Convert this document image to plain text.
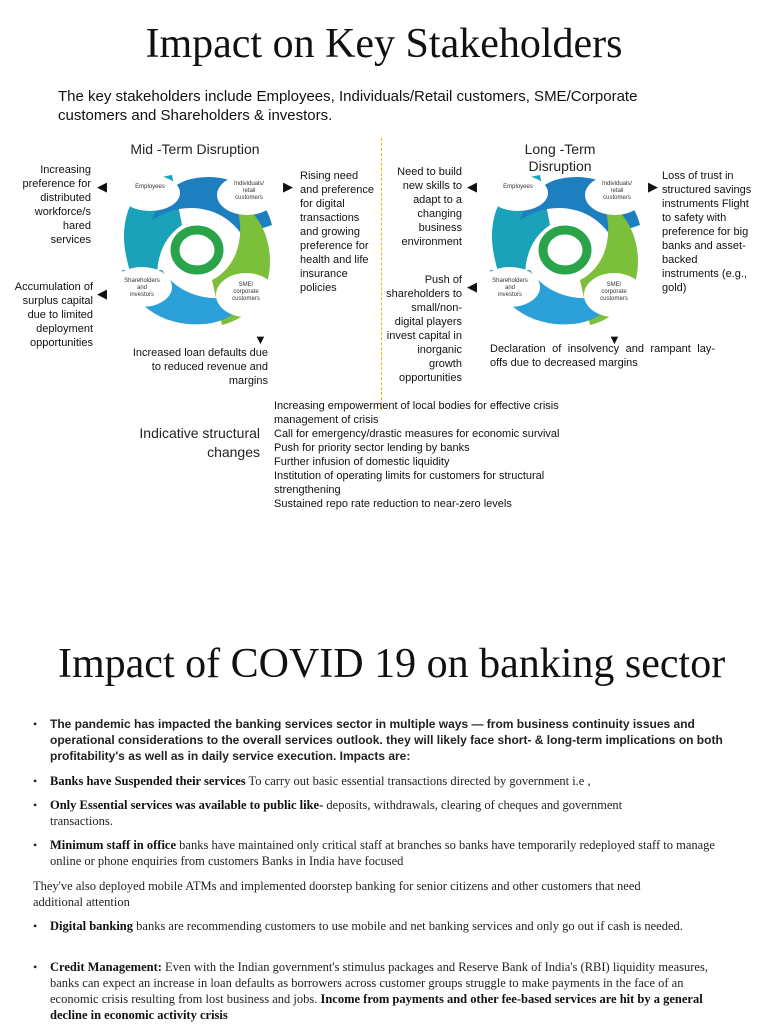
Impact on Key Stakeholders
The key stakeholders include Employees, Individuals/Retail customers, SME/Corporate customers and Shareholders & investors.
Mid -Term Disruption
Increasing preference for distributed workforce/s hared services
◀
Accumulation of surplus capital due to limited deployment opportunities
◀
▶
Rising need and preference for digital transactions and growing preference for health and life insurance policies
▼
Increased loan defaults due to reduced revenue and margins
Employees	Individuals/
retail
customers
Shareholders
and
investors
SME/
corporate
customers
Long -Term Disruption
Need to build new skills to adapt to a changing business environment
◀
Push of shareholders to small/non-digital players invest capital in inorganic growth opportunities
◀
▶
Loss of trust in structured savings instruments Flight to safety with preference for big banks and asset-backed instruments (e.g., gold)
▼
Declaration of insolvency and rampant lay-offs due to decreased margins
Employees	Individuals/
retail
customers
Shareholders
and
investors
SME/
corporate
customers
Indicative structural changes
Increasing empowerment of local bodies for effective crisis management of crisis
Call for emergency/drastic measures for economic survival
Push for priority sector lending by banks
Further infusion of domestic liquidity
Institution of operating limits for customers for structural strengthening
Sustained repo rate reduction to near-zero levels
Impact of COVID 19 on banking sector
• The pandemic has impacted the banking services sector in multiple ways — from business continuity issues and operational considerations to the overall services outlook. they will likely face short- & long-term implications on both profitability's as well as in daily service execution. Impacts are:
• Banks have Suspended their services To carry out basic essential transactions directed by government i.e ,
• Only Essential services was available to public like- deposits, withdrawals, clearing of cheques and government transactions.
• Minimum staff in office banks have maintained only critical staff at branches so banks have temporarily redeployed staff to manage online or phone enquiries from customers Banks in India have focused
They've also deployed mobile ATMs and implemented doorstep banking for senior citizens and other customers that need additional attention
• Digital banking banks are recommending customers to use mobile and net banking services and only go out if cash is needed.
• Credit Management: Even with the Indian government's stimulus packages and Reserve Bank of India's (RBI) liquidity measures, banks can expect an increase in loan defaults as borrowers across customer groups struggle to make payments in the face of an economic crisis resulting from lost business and jobs. Income from payments and other fee-based services are hit by a general decline in economic activity crisis
